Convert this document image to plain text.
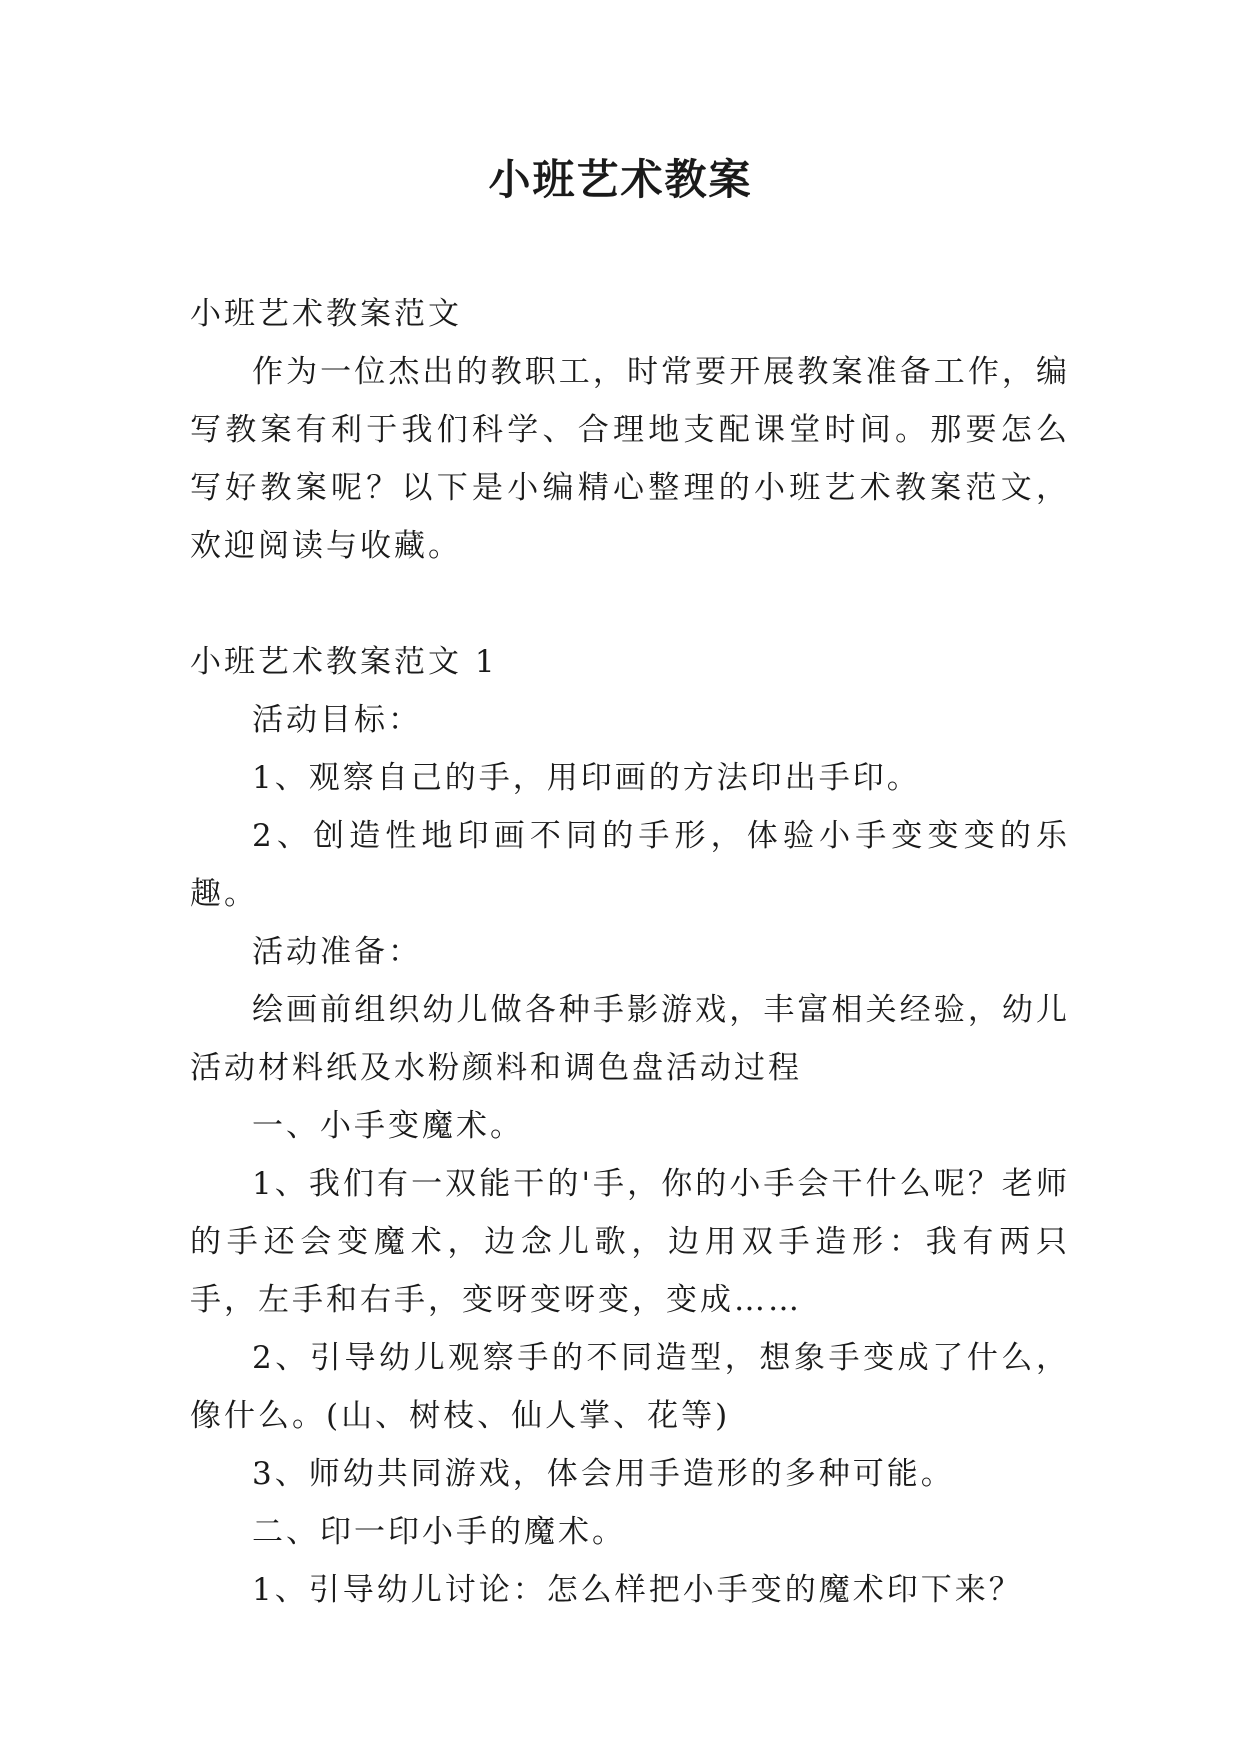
小班艺术教案

小班艺术教案范文

作为一位杰出的教职工，时常要开展教案准备工作，编写教案有利于我们科学、合理地支配课堂时间。那要怎么写好教案呢？以下是小编精心整理的小班艺术教案范文，欢迎阅读与收藏。

小班艺术教案范文 1

活动目标：

1、观察自己的手，用印画的方法印出手印。

2、创造性地印画不同的手形，体验小手变变变的乐趣。

活动准备：

绘画前组织幼儿做各种手影游戏，丰富相关经验，幼儿活动材料纸及水粉颜料和调色盘活动过程

一、小手变魔术。

1、我们有一双能干的'手，你的小手会干什么呢？老师的手还会变魔术，边念儿歌，边用双手造形：我有两只手，左手和右手，变呀变呀变，变成……

2、引导幼儿观察手的不同造型，想象手变成了什么，像什么。(山、树枝、仙人掌、花等)

3、师幼共同游戏，体会用手造形的多种可能。

二、印一印小手的魔术。

1、引导幼儿讨论：怎么样把小手变的魔术印下来？
